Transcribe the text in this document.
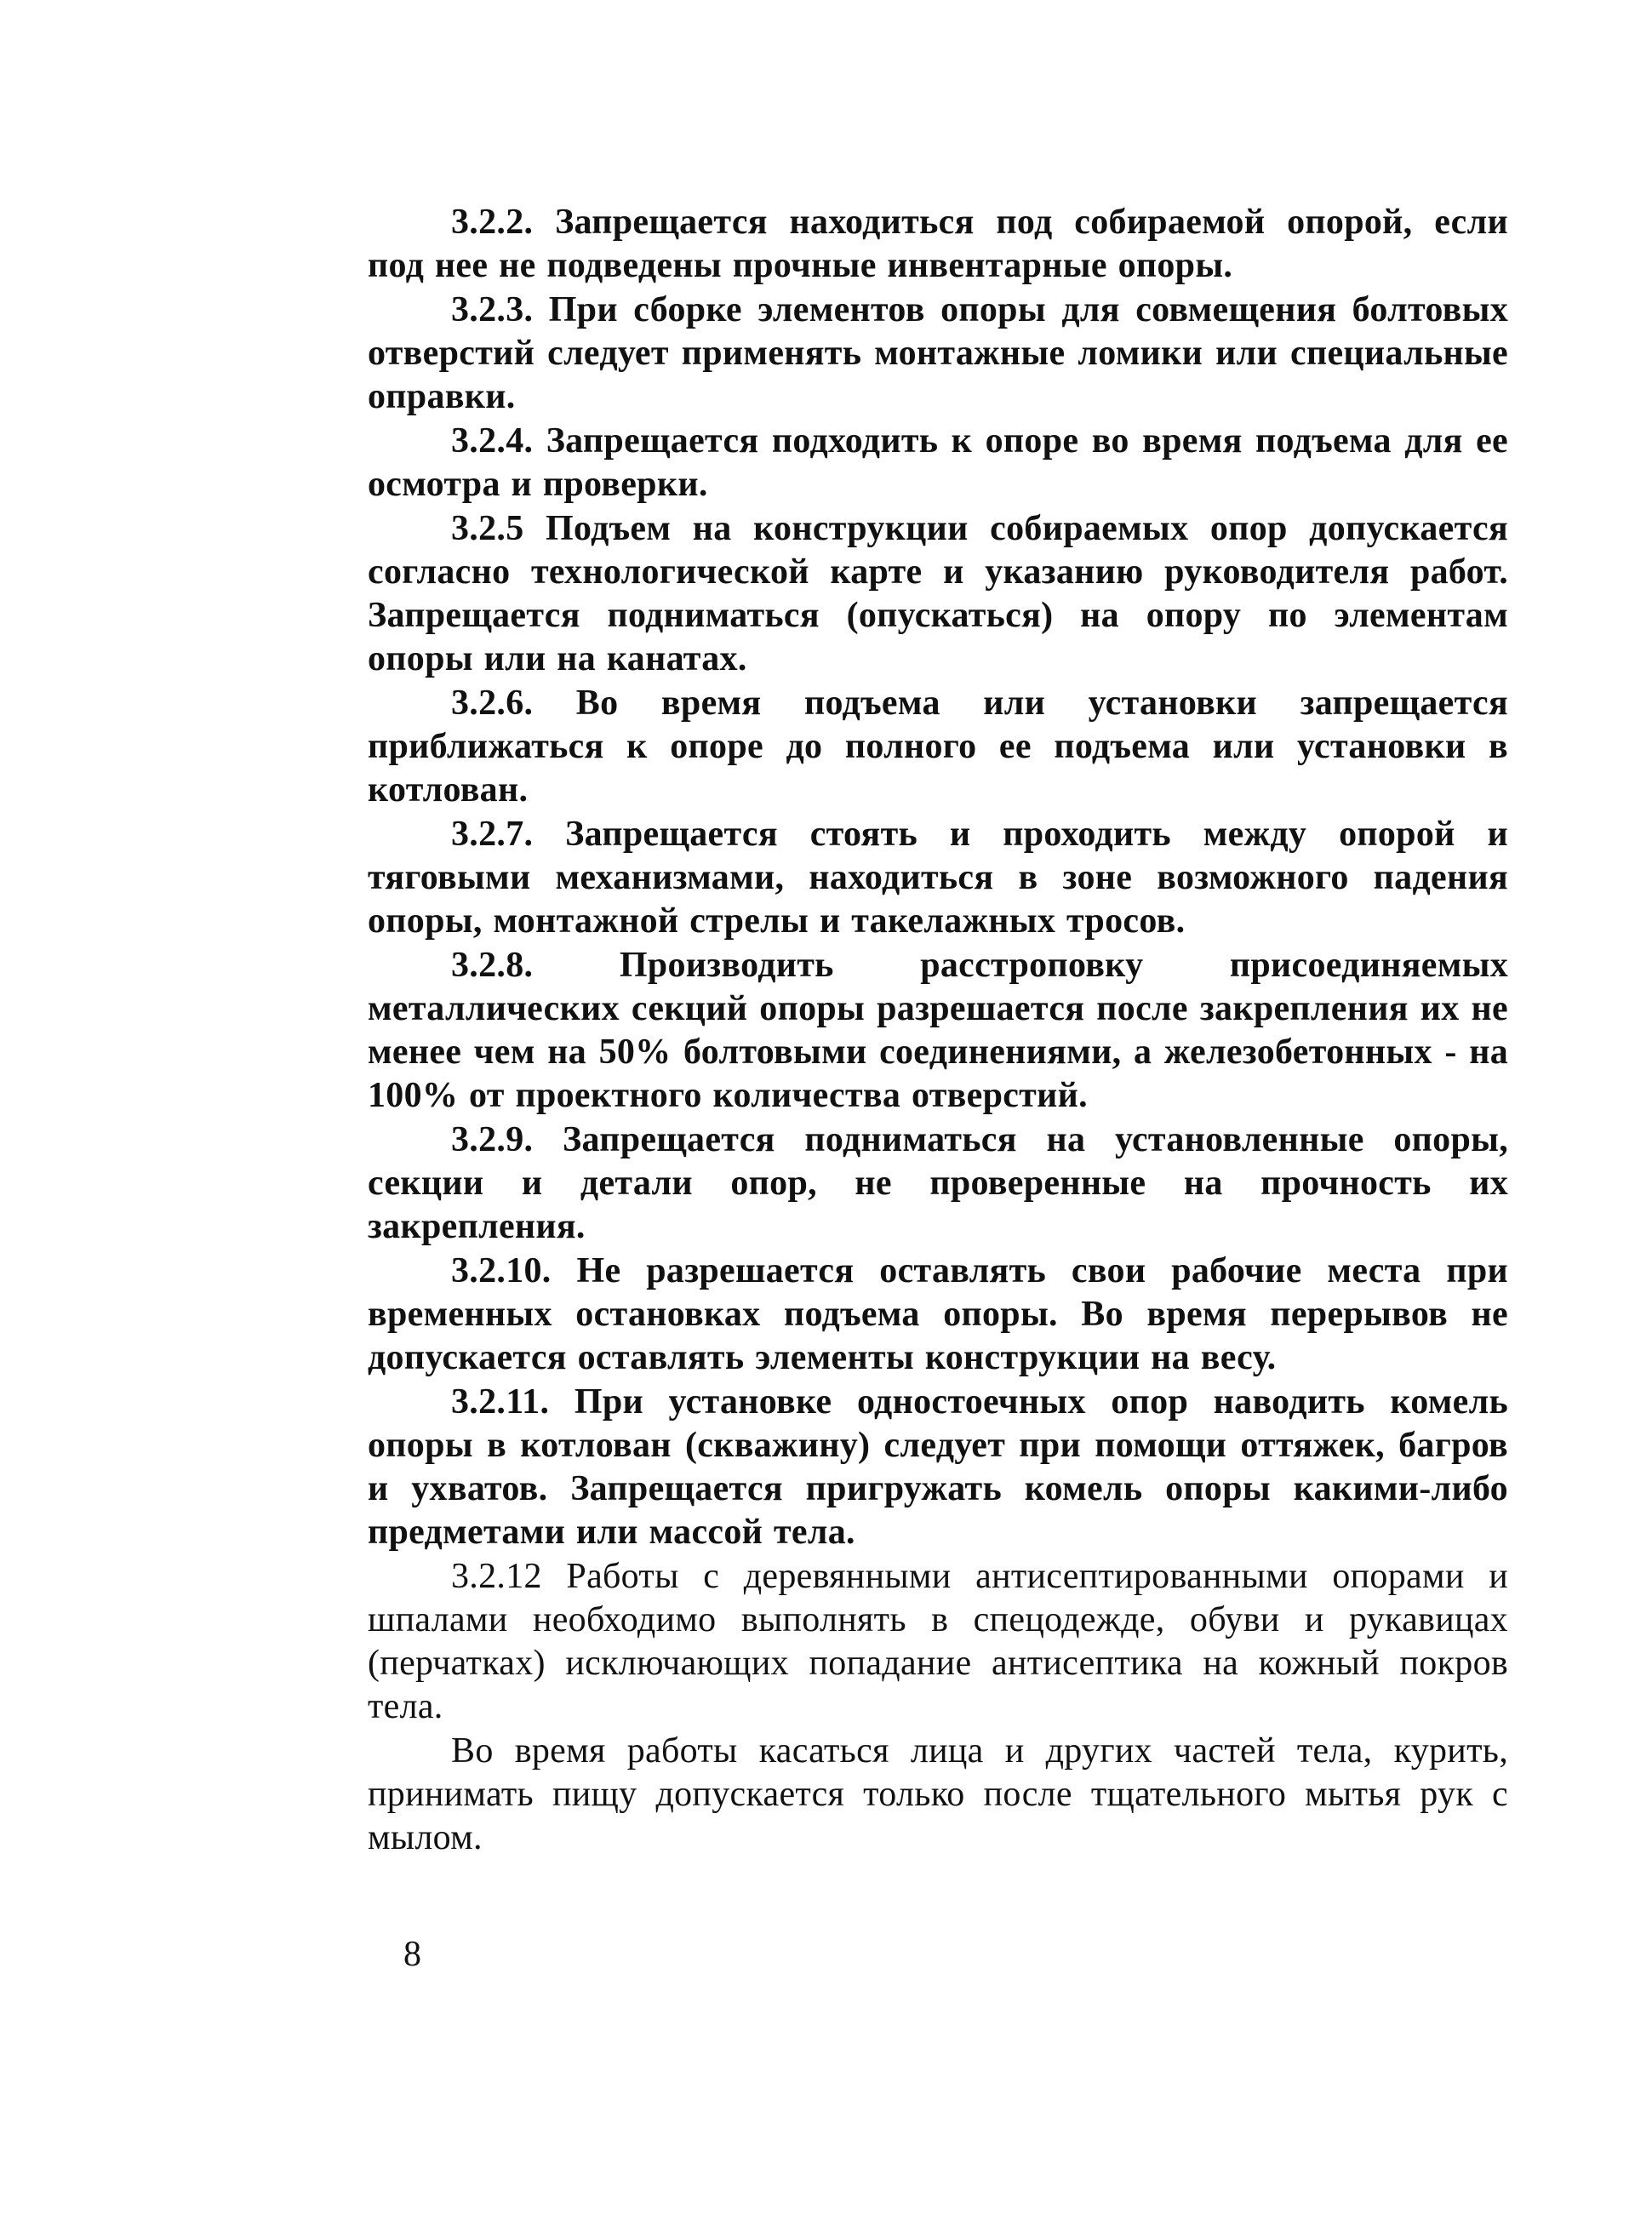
3.2.2. Запрещается находиться под собираемой опорой, если под нее не подведены прочные инвентарные опоры.

3.2.3. При сборке элементов опоры для совмещения болтовых отверстий следует применять монтажные ломики или специальные оправки.

3.2.4. Запрещается подходить к опоре во время подъема для ее осмотра и проверки.

3.2.5 Подъем на конструкции собираемых опор допускается согласно технологической карте и указанию руководителя работ. Запрещается подниматься (опускаться) на опору по элементам опоры или на канатах.

3.2.6. Во время подъема или установки запрещается приближаться к опоре до полного ее подъема или установки в котлован.

3.2.7. Запрещается стоять и проходить между опорой и тяговыми механизмами, находиться в зоне возможного падения опоры, монтажной стрелы и такелажных тросов.

3.2.8. Производить расстроповку присоединяемых металлических секций опоры разрешается после закрепления их не менее чем на 50% болтовыми соединениями, а железобетонных - на 100% от проектного количества отверстий.

3.2.9. Запрещается подниматься на установленные опоры, секции и детали опор, не проверенные на прочность их закрепления.

3.2.10. Не разрешается оставлять свои рабочие места при временных остановках подъема опоры. Во время перерывов не допускается оставлять элементы конструкции на весу.

3.2.11. При установке одностоечных опор наводить комель опоры в котлован (скважину) следует при помощи оттяжек, багров и ухватов. Запрещается пригружать комель опоры какими-либо предметами или массой тела.

3.2.12 Работы с деревянными антисептированными опорами и шпалами необходимо выполнять в спецодежде, обуви и рукавицах (перчатках) исключающих попадание антисептика на кожный покров тела.

Во время работы касаться лица и других частей тела, курить, принимать пищу допускается только после тщательного мытья рук с мылом.

8
